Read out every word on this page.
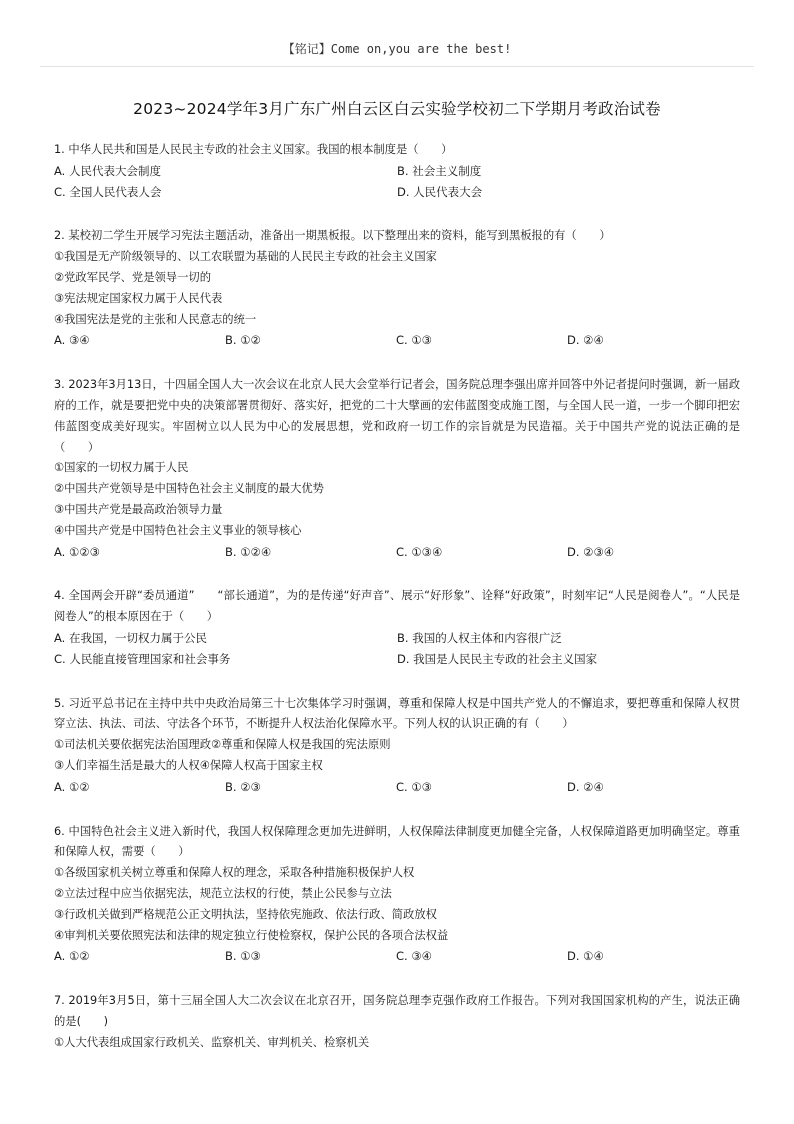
【铭记】Come on,you are the best!
2023~2024学年3月广东广州白云区白云实验学校初二下学期月考政治试卷
1. 中华人民共和国是人民民主专政的社会主义国家。我国的根本制度是（　　）
A. 人民代表大会制度	B. 社会主义制度
C. 全国人民代表人会	D. 人民代表大会
2. 某校初二学生开展学习宪法主题活动，准备出一期黑板报。以下整理出来的资料，能写到黑板报的有（　　）
①我国是无产阶级领导的、以工农联盟为基础的人民民主专政的社会主义国家
②党政军民学、党是领导一切的
③宪法规定国家权力属于人民代表
④我国宪法是党的主张和人民意志的统一
A. ③④	B. ①②	C. ①③	D. ②④
3. 2023年3月13日，十四届全国人大一次会议在北京人民大会堂举行记者会，国务院总理李强出席并回答中外记者提问时强调，新一届政府的工作，就是要把党中央的决策部署贯彻好、落实好，把党的二十大擘画的宏伟蓝图变成施工图，与全国人民一道，一步一个脚印把宏伟蓝图变成美好现实。牢固树立以人民为中心的发展思想，党和政府一切工作的宗旨就是为民造福。关于中国共产党的说法正确的是（　　）
①国家的一切权力属于人民
②中国共产党领导是中国特色社会主义制度的最大优势
③中国共产党是最高政治领导力量
④中国共产党是中国特色社会主义事业的领导核心
A. ①②③	B. ①②④	C. ①③④	D. ②③④
4. 全国两会开辟“委员通道”　　“部长通道”，为的是传递“好声音”、展示“好形象”、诠释“好政策”，时刻牢记“人民是阅卷人”。“人民是阅卷人”的根本原因在于（　　）
A. 在我国，一切权力属于公民	B. 我国的人权主体和内容很广泛
C. 人民能直接管理国家和社会事务	D. 我国是人民民主专政的社会主义国家
5. 习近平总书记在主持中共中央政治局第三十七次集体学习时强调，尊重和保障人权是中国共产党人的不懈追求，要把尊重和保障人权贯穿立法、执法、司法、守法各个环节，不断提升人权法治化保障水平。下列人权的认识正确的有（　　）
①司法机关要依据宪法治国理政②尊重和保障人权是我国的宪法原则
③人们幸福生活是最大的人权④保障人权高于国家主权
A. ①②	B. ②③	C. ①③	D. ②④
6. 中国特色社会主义进入新时代，我国人权保障理念更加先进鲜明，人权保障法律制度更加健全完备，人权保障道路更加明确坚定。尊重和保障人权，需要（　　）
①各级国家机关树立尊重和保障人权的理念，采取各种措施积极保护人权
②立法过程中应当依据宪法，规范立法权的行使，禁止公民参与立法
③行政机关做到严格规范公正文明执法，坚持依宪施政、依法行政、简政放权
④审判机关要依照宪法和法律的规定独立行使检察权，保护公民的各项合法权益
A. ①②	B. ①③	C. ③④	D. ①④
7. 2019年3月5日，第十三届全国人大二次会议在北京召开，国务院总理李克强作政府工作报告。下列对我国国家机构的产生，说法正确的是(　　)
①人大代表组成国家行政机关、监察机关、审判机关、检察机关
